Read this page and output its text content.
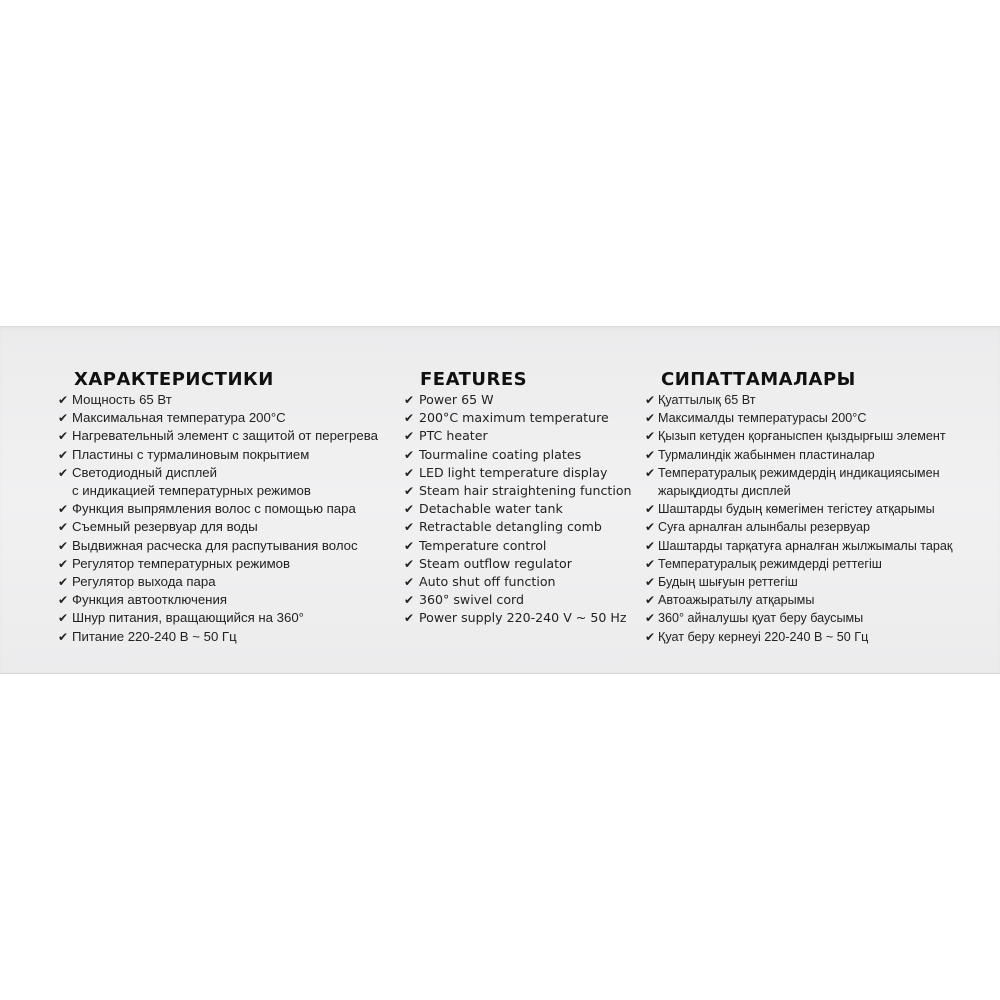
ХАРАКТЕРИСТИКИ
✔ Мощность 65 Вт
✔ Максимальная температура 200°С
✔ Нагревательный элемент с защитой от перегрева
✔ Пластины с турмалиновым покрытием
✔ Светодиодный дисплей
с индикацией температурных режимов
✔ Функция выпрямления волос с помощью пара
✔ Съемный резервуар для воды
✔ Выдвижная расческа для распутывания волос
✔ Регулятор температурных режимов
✔ Регулятор выхода пара
✔ Функция автоотключения
✔ Шнур питания, вращающийся на 360°
✔ Питание 220-240 В ~ 50 Гц
FEATURES
✔ Power 65 W
✔ 200°C maximum temperature
✔ PTC heater
✔ Tourmaline coating plates
✔ LED light temperature display
✔ Steam hair straightening function
✔ Detachable water tank
✔ Retractable detangling comb
✔ Temperature control
✔ Steam outflow regulator
✔ Auto shut off function
✔ 360° swivel cord
✔ Power supply 220-240 V ~ 50 Hz
СИПАТТАМАЛАРЫ
✔ Қуаттылық 65 Вт
✔ Максималды температурасы 200°С
✔ Қызып кетуден қорғаныспен қыздырғыш элемент
✔ Турмалиндік жабынмен пластиналар
✔ Температуралық режимдердің индикациясымен
жарықдиодты дисплей
✔ Шаштарды будың көмегімен тегістеу атқарымы
✔ Суға арналған алынбалы резервуар
✔ Шаштарды тарқатуға арналған жылжымалы тарақ
✔ Температуралық режимдерді реттегіш
✔ Будың шығуын реттегіш
✔ Автоажыратылу атқарымы
✔ 360° айналушы қуат беру баусымы
✔ Қуат беру кернеуі 220-240 В ~ 50 Гц
